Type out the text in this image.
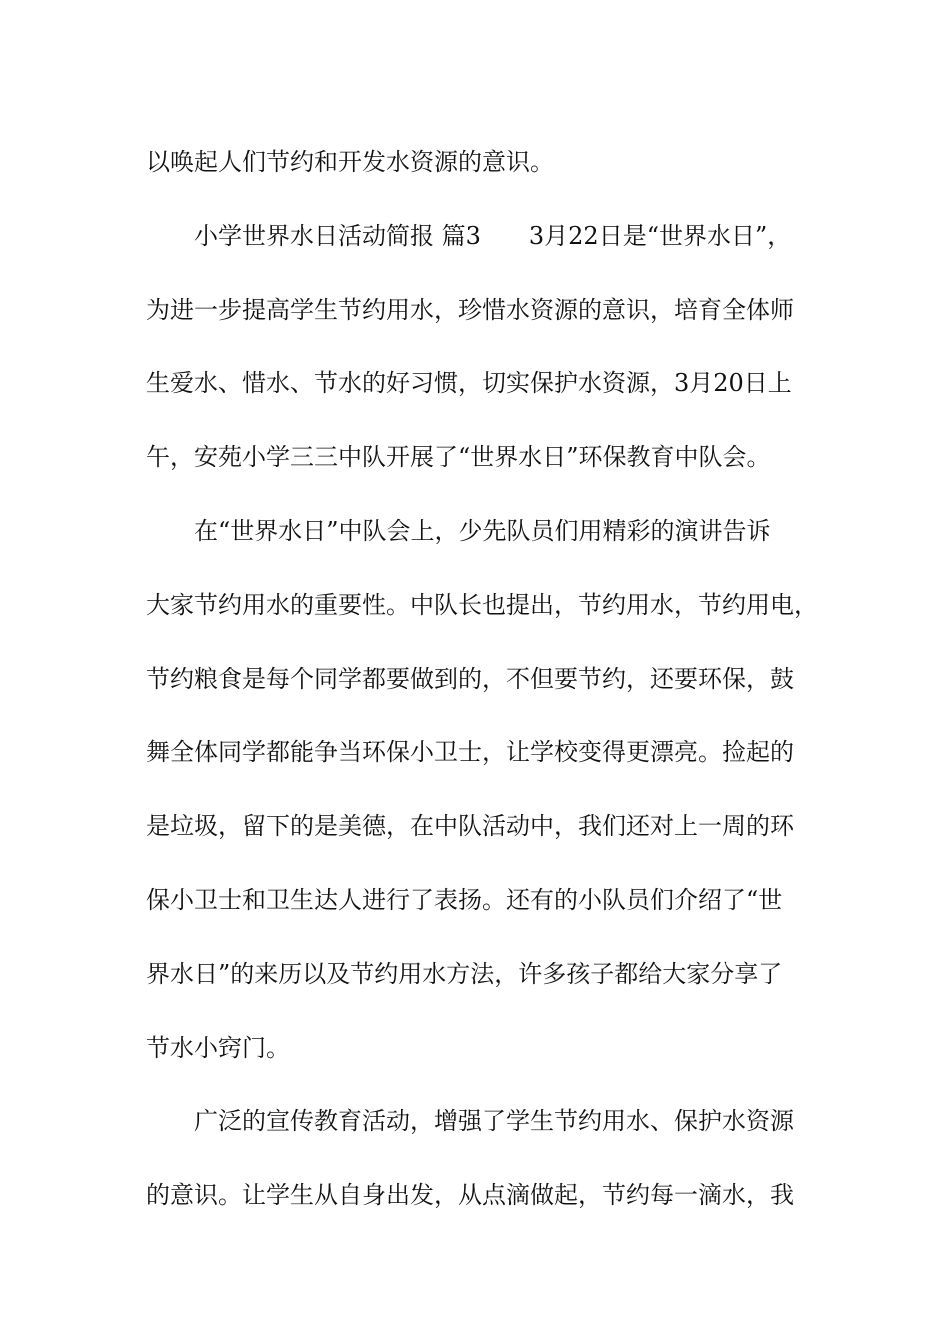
以唤起人们节约和开发水资源的意识。
小学世界水日活动简报 篇3　　3月22日是“世界水日”，
为进一步提高学生节约用水，珍惜水资源的意识，培育全体师
生爱水、惜水、节水的好习惯，切实保护水资源，3月20日上
午，安苑小学三三中队开展了“世界水日”环保教育中队会。
在“世界水日”中队会上，少先队员们用精彩的演讲告诉
大家节约用水的重要性。中队长也提出，节约用水，节约用电，
节约粮食是每个同学都要做到的，不但要节约，还要环保，鼓
舞全体同学都能争当环保小卫士，让学校变得更漂亮。捡起的
是垃圾，留下的是美德，在中队活动中，我们还对上一周的环
保小卫士和卫生达人进行了表扬。还有的小队员们介绍了“世
界水日”的来历以及节约用水方法，许多孩子都给大家分享了
节水小窍门。
广泛的宣传教育活动，增强了学生节约用水、保护水资源
的意识。让学生从自身出发，从点滴做起，节约每一滴水，我
